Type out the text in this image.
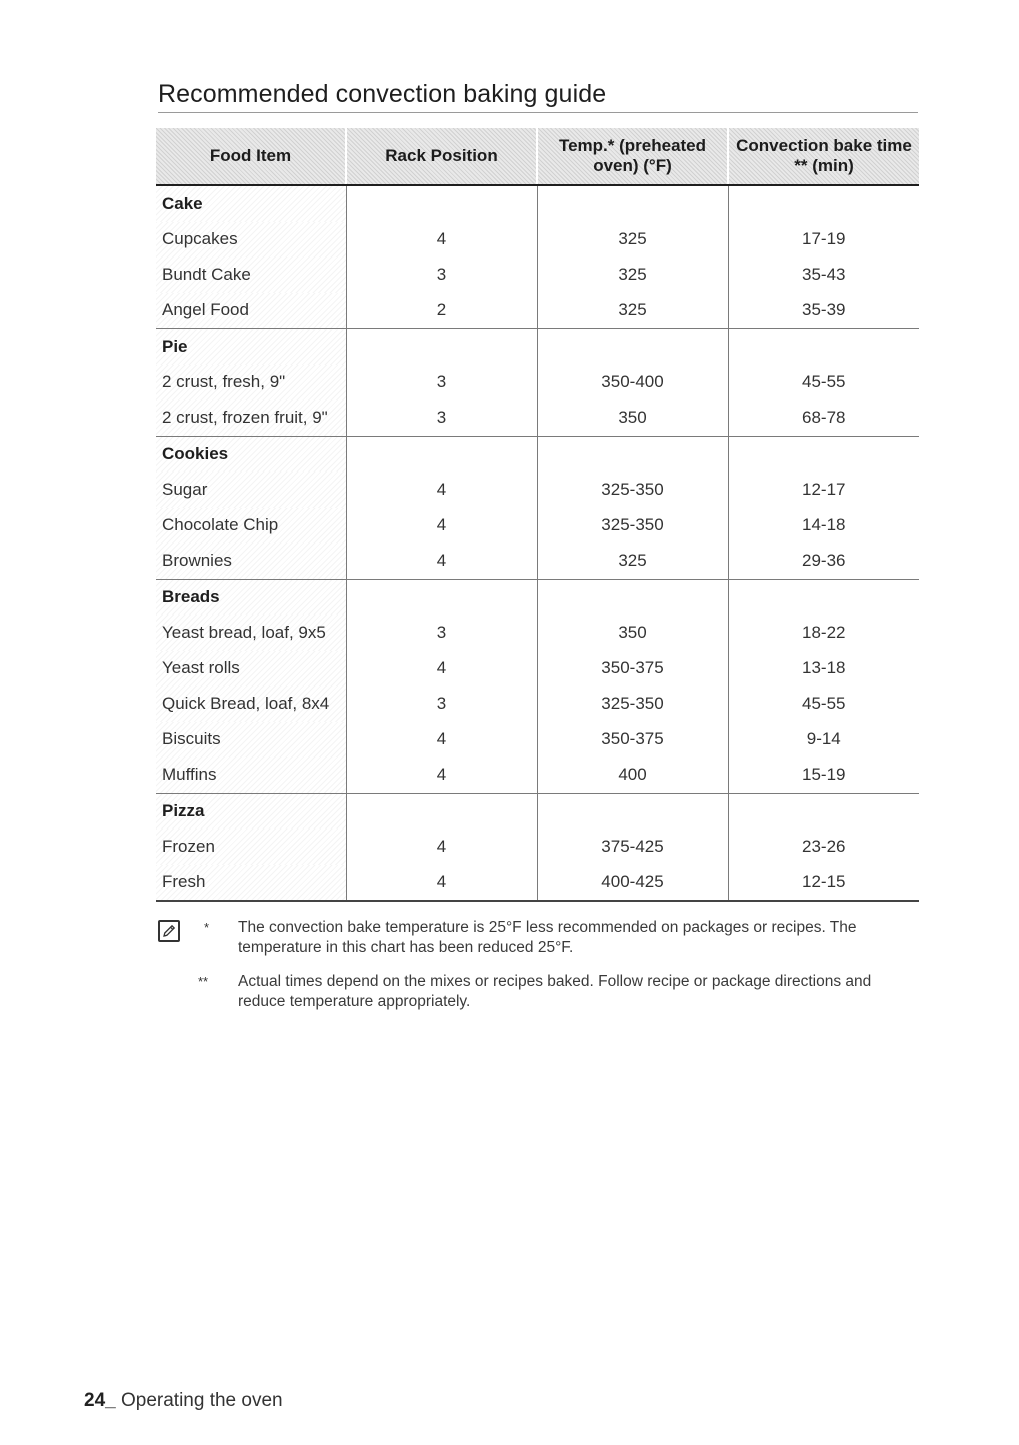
Recommended convection baking guide
Food Item	Rack Position	Temp.* (preheated oven) (°F)	Convection bake time ** (min)
Cake			
Cupcakes	4	325	17-19
Bundt Cake	3	325	35-43
Angel Food	2	325	35-39
Pie			
2 crust, fresh, 9"	3	350-400	45-55
2 crust, frozen fruit, 9"	3	350	68-78
Cookies			
Sugar	4	325-350	12-17
Chocolate Chip	4	325-350	14-18
Brownies	4	325	29-36
Breads			
Yeast bread, loaf, 9x5	3	350	18-22
Yeast rolls	4	350-375	13-18
Quick Bread, loaf, 8x4	3	325-350	45-55
Biscuits	4	350-375	9-14
Muffins	4	400	15-19
Pizza			
Frozen	4	375-425	23-26
Fresh	4	400-425	12-15
*	The convection bake temperature is 25°F less recommended on packages or recipes. The temperature in this chart has been reduced 25°F.
**	Actual times depend on the mixes or recipes baked. Follow recipe or package directions and reduce temperature appropriately.
24_ Operating the oven
